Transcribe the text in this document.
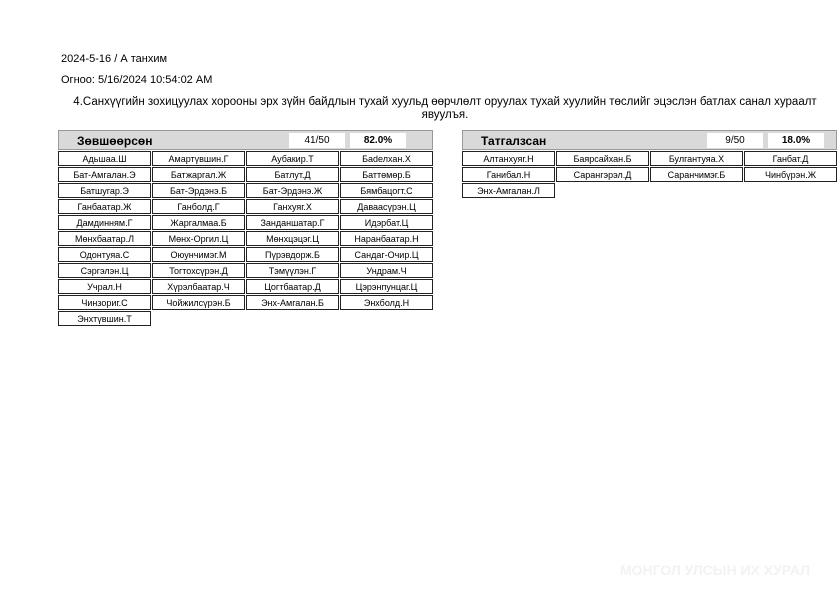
2024-5-16 / А танхим
Огноо: 5/16/2024 10:54:02 AM
4.Санхүүгийн зохицуулах хорооны эрх зүйн байдлын тухай хуульд өөрчлөлт оруулах тухай хуулийн төслийг эцэслэн батлах санал хураалт явуулъя.
Зөвшөөрсөн	41/50	82.0%
Адьшаа.Ш	Амартүвшин.Г	Аубакир.Т	Бadелхан.Х
Бат-Амгалан.Э	Батжаргал.Ж	Батлут.Д	Баттөмөр.Б
Батшугар.Э	Бат-Эрдэнэ.Б	Бат-Эрдэнэ.Ж	Бямбацогт.С
Ганбаатар.Ж	Ганболд.Г	Ганхуяг.Х	Даваасүрэн.Ц
Дамдинням.Г	Жаргалмаа.Б	Занданшатар.Г	Идэрбат.Ц
Мөнхбаатар.Л	Мөнх-Оргил.Ц	Мөнхцэцэг.Ц	Наранбаатар.Н
Одонтуяа.С	Оюунчимэг.М	Пүрэвдорж.Б	Сандаг-Очир.Ц
Сэргэлэн.Ц	Тогтохсүрэн.Д	Тэмүүлэн.Г	Ундрам.Ч
Учрал.Н	Хүрэлбаатар.Ч	Цогтбаатар.Д	Цэрэнпунцаг.Ц
Чинзориг.С	Чойжилсүрэн.Б	Энх-Амгалан.Б	Энхболд.Н
Энхтүвшин.Т
Татгалзсан	9/50	18.0%
Алтанхуяг.Н	Баярсайхан.Б	Булгантуяа.Х	Ганбат.Д
Ганибал.Н	Сарангэрэл.Д	Саранчимэг.Б	Чинбүрэн.Ж
Энх-Амгалан.Л
МОНГОЛ УЛСЫН ИХ ХУРАЛ
